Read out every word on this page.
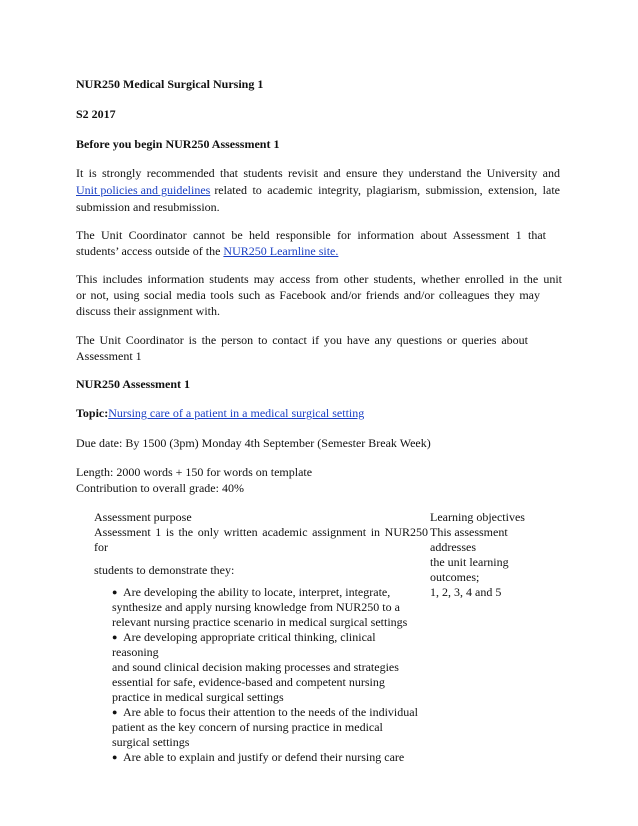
NUR250 Medical Surgical Nursing 1
S2 2017
Before you begin NUR250 Assessment 1
It is strongly recommended that students revisit and ensure they understand the University and
Unit policies and guidelines related to academic integrity, plagiarism, submission, extension, late
submission and resubmission.
The Unit Coordinator cannot be held responsible for information about Assessment 1 that
students’ access outside of the NUR250 Learnline site.
This includes information students may access from other students, whether enrolled in the unit
or not, using social media tools such as Facebook and/or friends and/or colleagues they may
discuss their assignment with.
The Unit Coordinator is the person to contact if you have any questions or queries about
Assessment 1
NUR250 Assessment 1
Topic:Nursing care of a patient in a medical surgical setting
Due date: By 1500 (3pm) Monday 4th September (Semester Break Week)
Length: 2000 words + 150 for words on template
Contribution to overall grade: 40%
Assessment purpose
Assessment 1 is the only written academic assignment in NUR250
for
students to demonstrate they:
● Are developing the ability to locate, interpret, integrate,
synthesize and apply nursing knowledge from NUR250 to a
relevant nursing practice scenario in medical surgical settings
● Are developing appropriate critical thinking, clinical
reasoning
and sound clinical decision making processes and strategies
essential for safe, evidence-based and competent nursing
practice in medical surgical settings
● Are able to focus their attention to the needs of the individual
patient as the key concern of nursing practice in medical
surgical settings
● Are able to explain and justify or defend their nursing care
Learning objectives
This assessment
addresses
the unit learning
outcomes;
1, 2, 3, 4 and 5
